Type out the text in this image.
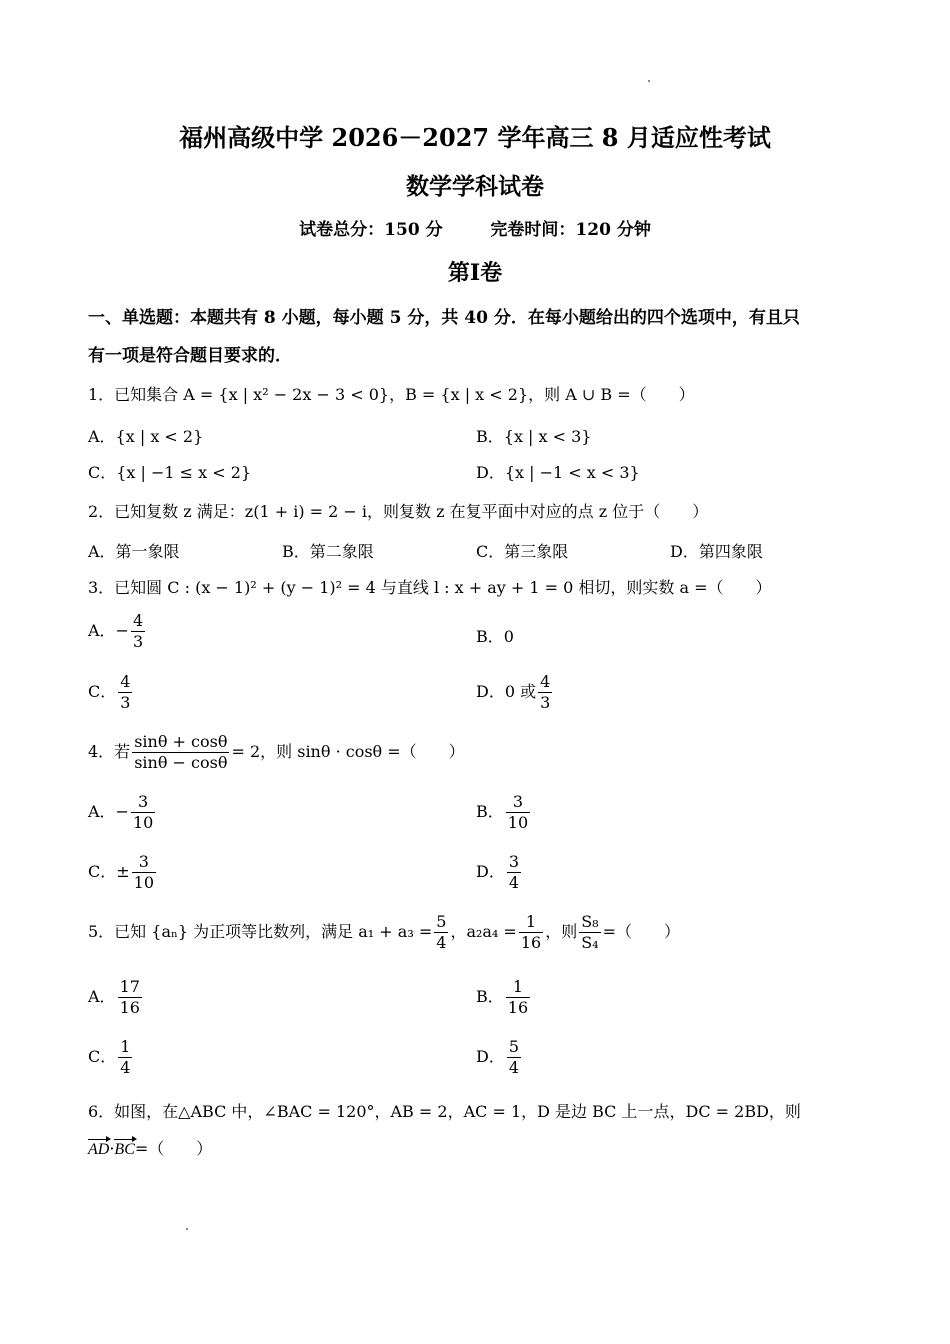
福州高级中学 2026－2027 学年高三 8 月适应性考试
数学学科试卷
试卷总分：150 分	完卷时间：120 分钟
第I卷
一、单选题：本题共有 8 小题，每小题 5 分，共 40 分．在每小题给出的四个选项中，有且只
有一项是符合题目要求的．
1．已知集合 A = {x | x² − 2x − 3 < 0}，B = {x | x < 2}，则 A ∪ B =（　　）
A．{x | x < 2}	B．{x | x < 3}
C．{x | −1 ≤ x < 2}	D．{x | −1 < x < 3}
2．已知复数 z 满足：z(1 + i) = 2 − i，则复数 z 在复平面中对应的点 z 位于（　　）
A．第一象限	B．第二象限	C．第三象限	D．第四象限
3．已知圆 C : (x − 1)² + (y − 1)² = 4 与直线 l : x + ay + 1 = 0 相切，则实数 a =（　　）
A．− $\frac{4}{3}$	B．0
C． $\frac{4}{3}$	D．0 或 $\frac{4}{3}$
4．若 $\frac{\sin\theta + \cos\theta}{\sin\theta - \cos\theta} = 2$，则 sinθ · cosθ =（　　）
A．− $\frac{3}{10}$	B． $\frac{3}{10}$
C．± $\frac{3}{10}$	D． $\frac{3}{4}$
5．已知 {aₙ} 为正项等比数列，满足 $a_1 + a_3 = \frac{5}{4}$ ，$a_2a_4 = \frac{1}{16}$ ，则 $\frac{\text{S₈}}{\text{S₄}}$ =（　　）
A． $\frac{17}{16}$	B． $\frac{1}{16}$
C． $\frac{1}{4}$	D． $\frac{5}{4}$
6．如图，在△ABC 中，∠BAC = 120°，AB = 2，AC = 1，D 是边 BC 上一点，DC = 2BD，则
AD·BC=（　　）
